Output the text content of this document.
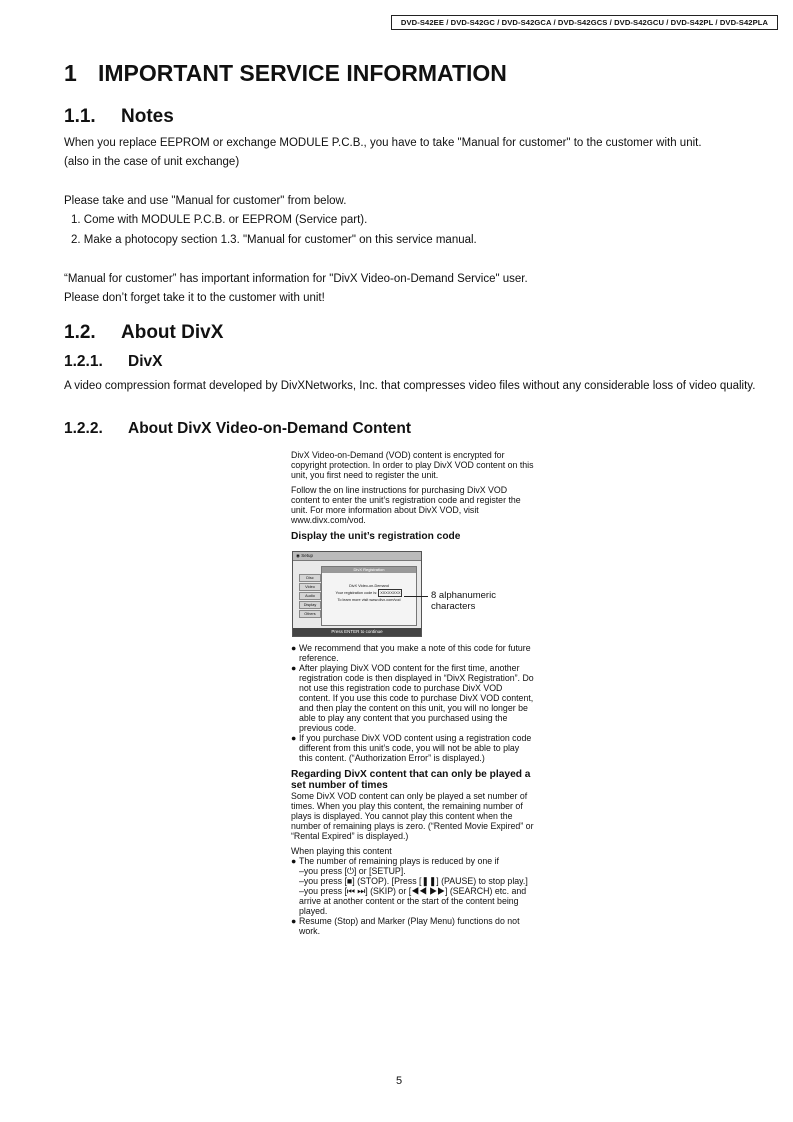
DVD-S42EE / DVD-S42GC / DVD-S42GCA / DVD-S42GCS / DVD-S42GCU / DVD-S42PL / DVD-S42PLA
1 IMPORTANT SERVICE INFORMATION
1.1. Notes
When you replace EEPROM or exchange MODULE P.C.B., you have to take "Manual for customer" to the customer with unit.
(also in the case of unit exchange)
Please take and use "Manual for customer" from below.
1. Come with MODULE P.C.B. or EEPROM (Service part).
2. Make a photocopy section 1.3. "Manual for customer" on this service manual.
“Manual for customer” has important information for "DivX Video-on-Demand Service" user.
Please don’t forget take it to the customer with unit!
1.2. About DivX
1.2.1. DivX
A video compression format developed by DivXNetworks, Inc. that compresses video files without any considerable loss of video quality.
1.2.2. About DivX Video-on-Demand Content

DivX Video-on-Demand (VOD) content is encrypted for copyright protection. In order to play DivX VOD content on this unit, you first need to register the unit.

Follow the on line instructions for purchasing DivX VOD content to enter the unit’s registration code and register the unit. For more information about DivX VOD, visit www.divx.com/vod.

Display the unit’s registration code

◉ Setup
Disc
Video
Audio
Display
Others
DivX Registration
DivX Video-on-Demand
Your registration code is: XXXXXXXX
To learn more visit www.divx.com/vod
Press ENTER to continue
8 alphanumeric characters
● We recommend that you make a note of this code for future reference.
● After playing DivX VOD content for the first time, another registration code is then displayed in “DivX Registration”. Do not use this registration code to purchase DivX VOD content. If you use this code to purchase DivX VOD content, and then play the content on this unit, you will no longer be able to play any content that you purchased using the previous code.
● If you purchase DivX VOD content using a registration code different from this unit’s code, you will not be able to play this content. (“Authorization Error” is displayed.)

Regarding DivX content that can only be played a set number of times

Some DivX VOD content can only be played a set number of times. When you play this content, the remaining number of plays is displayed. You cannot play this content when the number of remaining plays is zero. (“Rented Movie Expired” or “Rental Expired” is displayed.)

When playing this content

● The number of remaining plays is reduced by one if

–you press [⏻] or [SETUP].

–you press [■] (STOP). [Press [❚❚] (PAUSE) to stop play.]

–you press [⏮ ⏭] (SKIP) or [◀◀ ▶▶] (SEARCH) etc. and arrive at another content or the start of the content being played.

● Resume (Stop) and Marker (Play Menu) functions do not work.
5
